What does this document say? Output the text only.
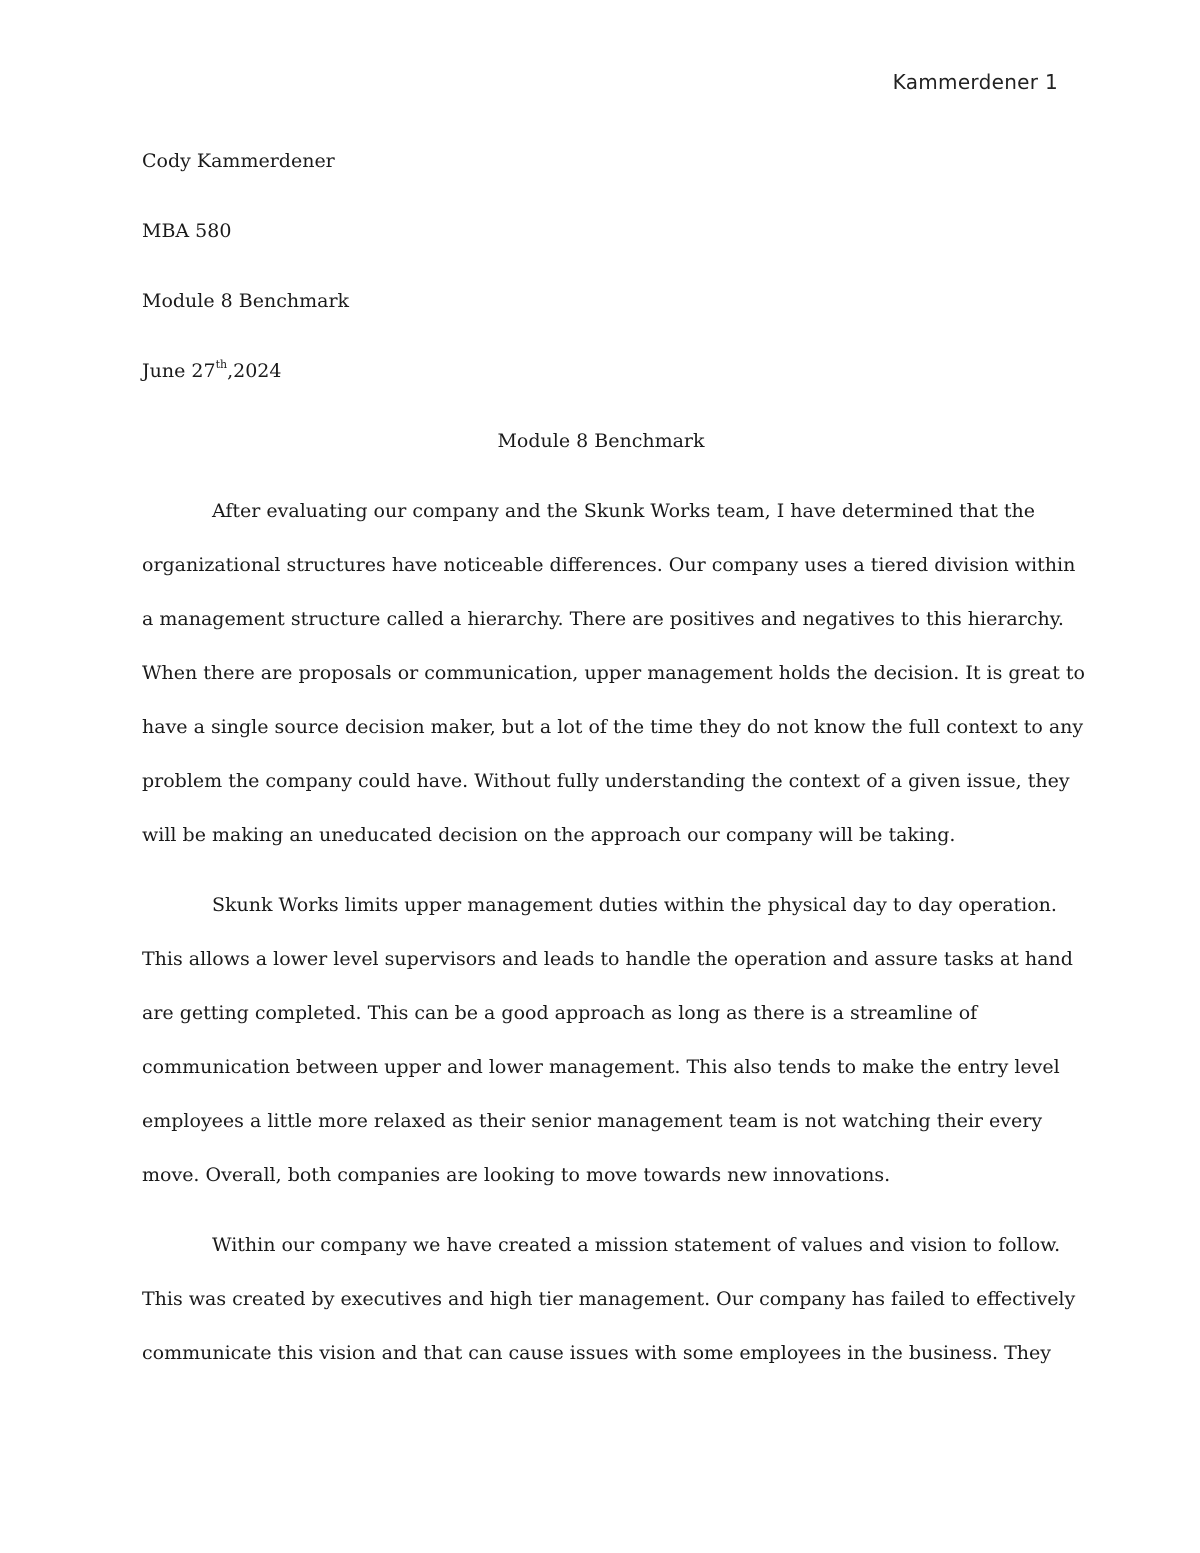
Kammerdener 1

Cody Kammerdener

MBA 580

Module 8 Benchmark

June 27th,2024

Module 8 Benchmark

After evaluating our company and the Skunk Works team, I have determined that the
organizational structures have noticeable differences. Our company uses a tiered division within
a management structure called a hierarchy. There are positives and negatives to this hierarchy.
When there are proposals or communication, upper management holds the decision. It is great to
have a single source decision maker, but a lot of the time they do not know the full context to any
problem the company could have. Without fully understanding the context of a given issue, they
will be making an uneducated decision on the approach our company will be taking.
Skunk Works limits upper management duties within the physical day to day operation.
This allows a lower level supervisors and leads to handle the operation and assure tasks at hand
are getting completed. This can be a good approach as long as there is a streamline of
communication between upper and lower management. This also tends to make the entry level
employees a little more relaxed as their senior management team is not watching their every
move. Overall, both companies are looking to move towards new innovations.
Within our company we have created a mission statement of values and vision to follow.
This was created by executives and high tier management. Our company has failed to effectively
communicate this vision and that can cause issues with some employees in the business. They
